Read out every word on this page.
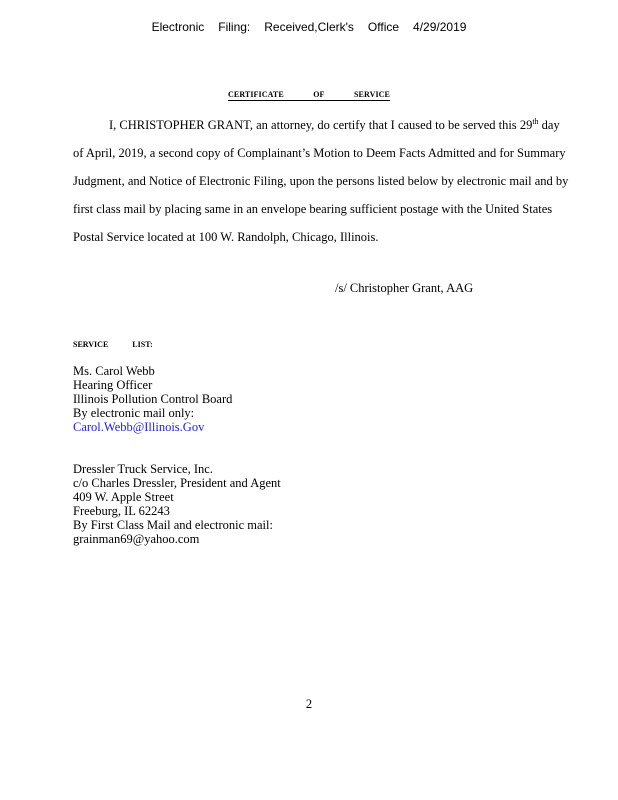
Electronic Filing: Received,Clerk's Office 4/29/2019
CERTIFICATE	OF	SERVICE

I, CHRISTOPHER GRANT, an attorney, do certify that I caused to be served this 29th day of April, 2019, a second copy of Complainant’s Motion to Deem Facts Admitted and for Summary Judgment, and Notice of Electronic Filing, upon the persons listed below by electronic mail and by first class mail by placing same in an envelope bearing sufficient postage with the United States Postal Service located at 100 W. Randolph, Chicago, Illinois.

/s/ Christopher Grant, AAG
SERVICE	LIST:
Ms. Carol Webb
Hearing Officer
Illinois Pollution Control Board
By electronic mail only:
Carol.Webb@Illinois.Gov
Dressler Truck Service, Inc.
c/o Charles Dressler, President and Agent
409 W. Apple Street
Freeburg, IL 62243
By First Class Mail and electronic mail:
grainman69@yahoo.com
2
